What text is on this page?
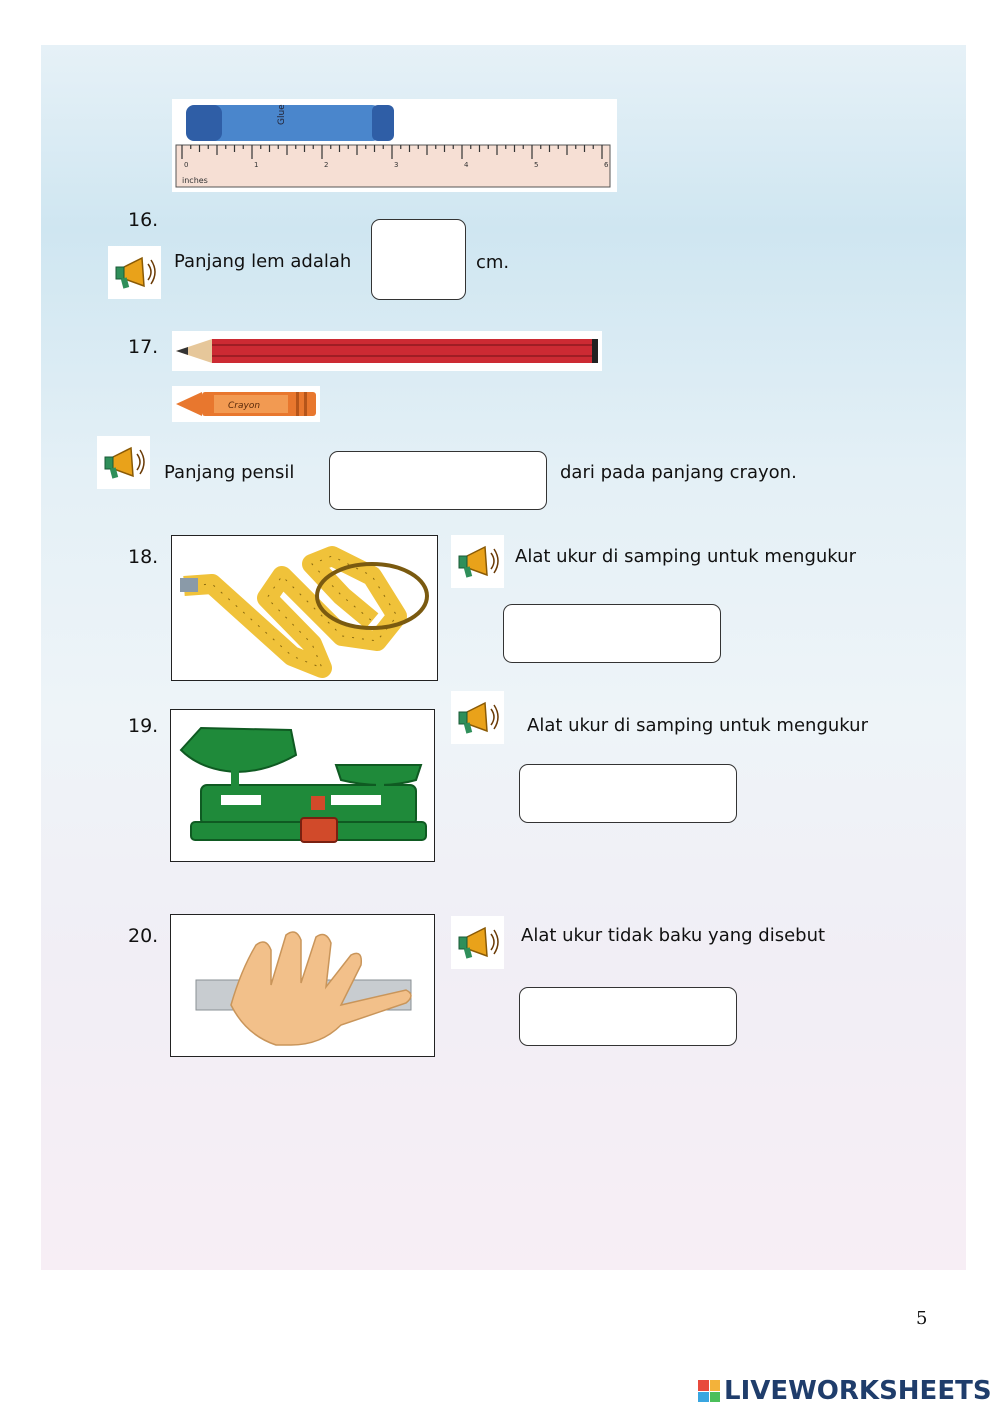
Glue
0	1	2	3	4	5	6
inches
16.
Panjang lem adalah	cm.
17.
Crayon
Panjang pensil	dari pada panjang crayon.
18.	Alat ukur di samping untuk mengukur
19.	Alat ukur di samping untuk mengukur
20.	Alat ukur tidak baku yang disebut
5
LIVEWORKSHEETS
